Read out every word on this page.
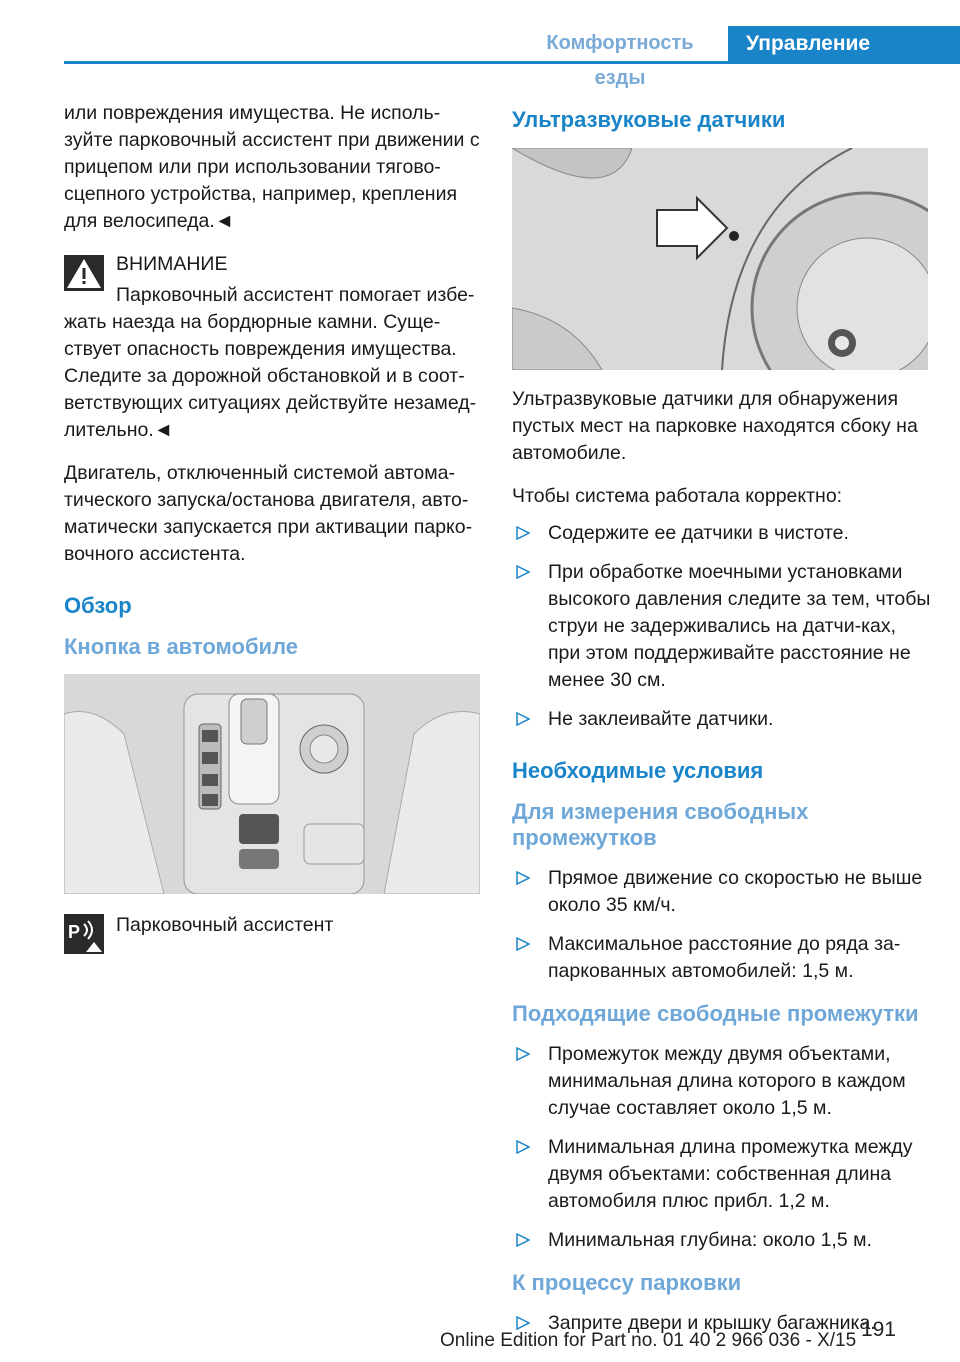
Комфортность езды
Управление

или повреждения имущества. Не исполь-зуйте парковочный ассистент при движении с прицепом или при использовании тягово-сцепного устройства, например, крепления для велосипеда.◄

ВНИМАНИЕ

Парковочный ассистент помогает избе-жать наезда на бордюрные камни. Суще-ствует опасность повреждения имущества. Следите за дорожной обстановкой и в соот-ветствующих ситуациях действуйте незамед-лительно.◄

Двигатель, отключенный системой автома-тического запуска/останова двигателя, авто-матически запускается при активации парко-вочного ассистента.

Обзор
Кнопка в автомобиле
P	Парковочный ассистент
Ультразвуковые датчики

Ультразвуковые датчики для обнаружения пустых мест на парковке находятся сбоку на автомобиле.

Чтобы система работала корректно:

Содержите ее датчики в чистоте.
При обработке моечными установками высокого давления следите за тем, чтобы струи не задерживались на датчи-ках, при этом поддерживайте расстояние не менее 30 см.
Не заклеивайте датчики.
Необходимые условия
Для измерения свободных промежутков
Прямое движение со скоростью не выше около 35 км/ч.
Максимальное расстояние до ряда за-паркованных автомобилей: 1,5 м.
Подходящие свободные промежутки
Промежуток между двумя объектами, минимальная длина которого в каждом случае составляет около 1,5 м.
Минимальная длина промежутка между двумя объектами: собственная длина автомобиля плюс прибл. 1,2 м.
Минимальная глубина: около 1,5 м.
К процессу парковки
Заприте двери и крышку багажника.
191
Online Edition for Part no. 01 40 2 966 036 - X/15
